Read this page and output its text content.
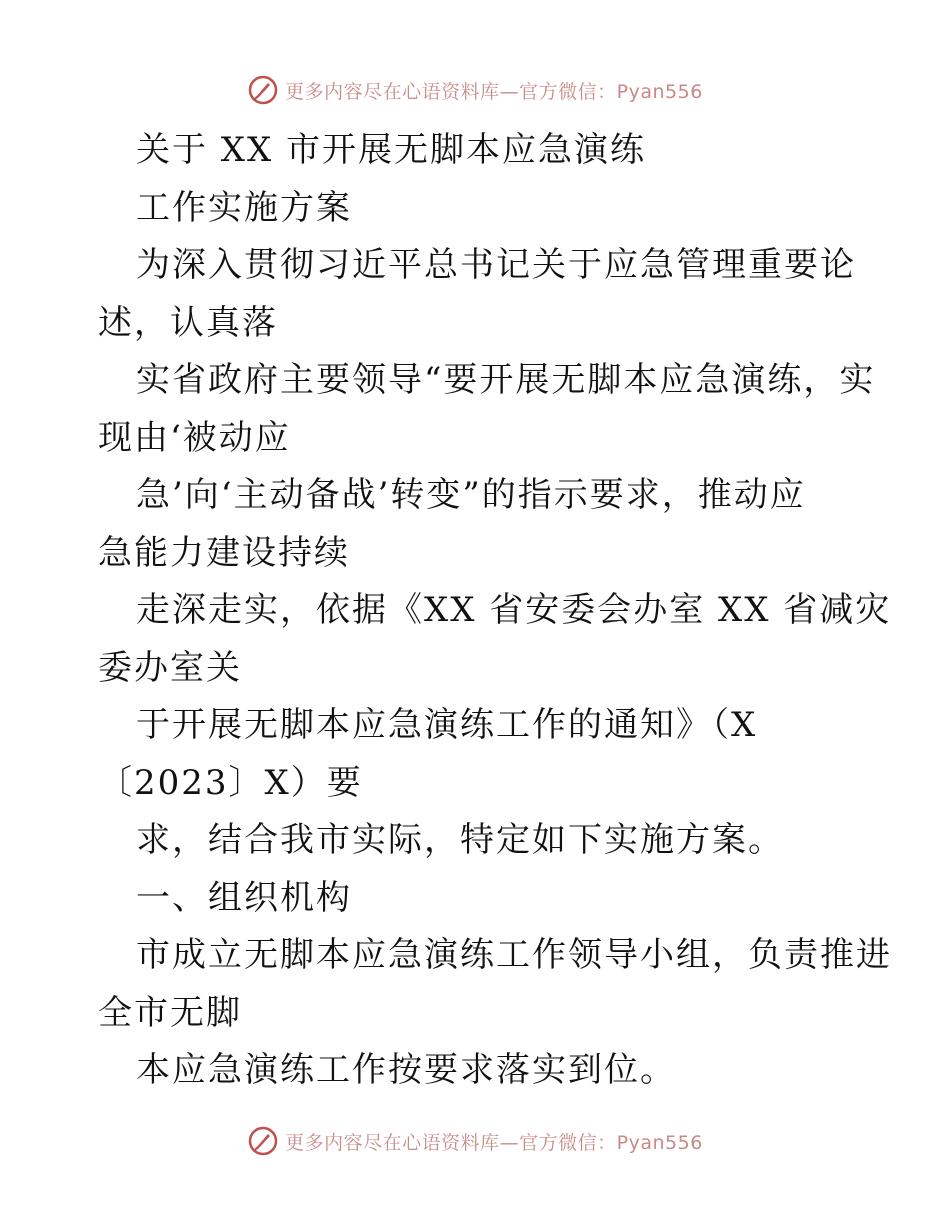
更多内容尽在心语资料库—官方微信：Pyan556
关于 XX 市开展无脚本应急演练
工作实施方案
为深入贯彻习近平总书记关于应急管理重要论
述，认真落
实省政府主要领导“要开展无脚本应急演练，实
现由‘被动应
急’向‘主动备战’转变”的指示要求，推动应
急能力建设持续
走深走实，依据《XX 省安委会办室 XX 省减灾
委办室关
于开展无脚本应急演练工作的通知》（X
〔2023〕X）要
求，结合我市实际，特定如下实施方案。
一、组织机构
市成立无脚本应急演练工作领导小组，负责推进
全市无脚
本应急演练工作按要求落实到位。
更多内容尽在心语资料库—官方微信：Pyan556
